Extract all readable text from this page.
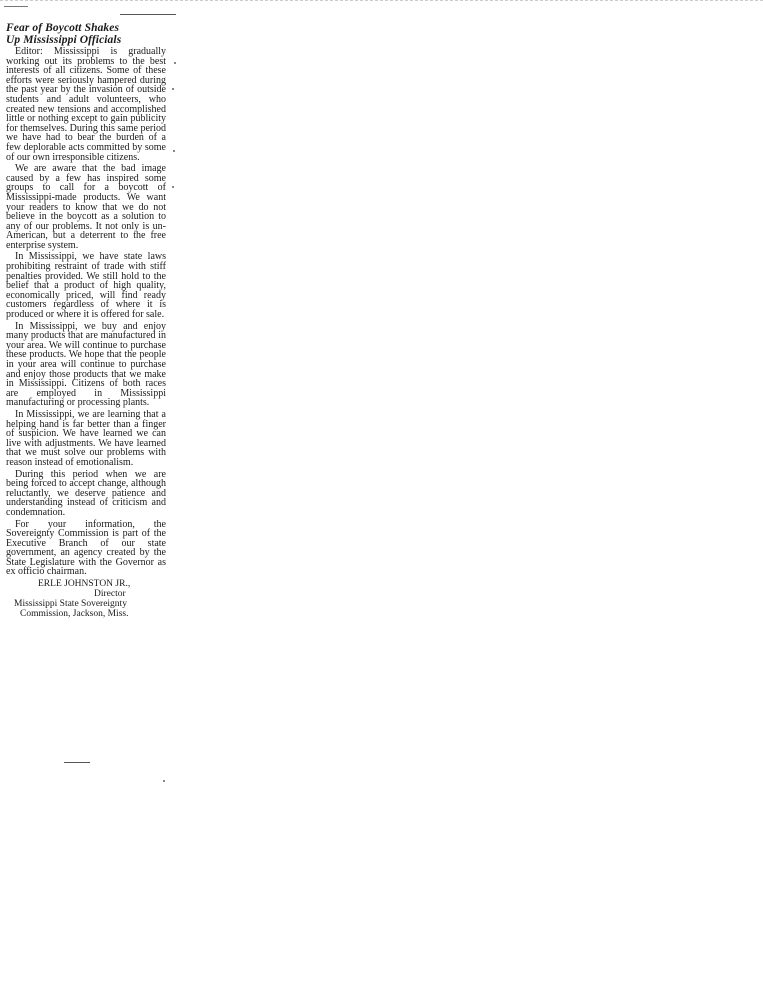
Fear of Boycott Shakes
Up Mississippi Officials

Editor: Mississippi is gradually working out its problems to the best interests of all citizens. Some of these efforts were seriously hampered during the past year by the invasion of outside students and adult volunteers, who created new tensions and accomplished little or nothing except to gain publicity for themselves. During this same period we have had to bear the burden of a few deplorable acts committed by some of our own irresponsible citizens.

We are aware that the bad image caused by a few has inspired some groups to call for a boycott of Mississippi-made products. We want your readers to know that we do not believe in the boycott as a solution to any of our problems. It not only is un-American, but a deterrent to the free enterprise system.

In Mississippi, we have state laws prohibiting restraint of trade with stiff penalties provided. We still hold to the belief that a product of high quality, economically priced, will find ready customers regardless of where it is produced or where it is offered for sale.

In Mississippi, we buy and enjoy many products that are manufactured in your area. We will continue to purchase these products. We hope that the people in your area will continue to purchase and enjoy those products that we make in Mississippi. Citizens of both races are employed in Mississippi manufacturing or processing plants.

In Mississippi, we are learning that a helping hand is far better than a finger of suspicion. We have learned we can live with adjustments. We have learned that we must solve our problems with reason instead of emotionalism.

During this period when we are being forced to accept change, although reluctantly, we deserve patience and understanding instead of criticism and condemnation.

For your information, the Sovereignty Commission is part of the Executive Branch of our state government, an agency created by the State Legislature with the Governor as ex officio chairman.

ERLE JOHNSTON JR.,
Director
Mississippi State Sovereignty
Commission, Jackson, Miss.
